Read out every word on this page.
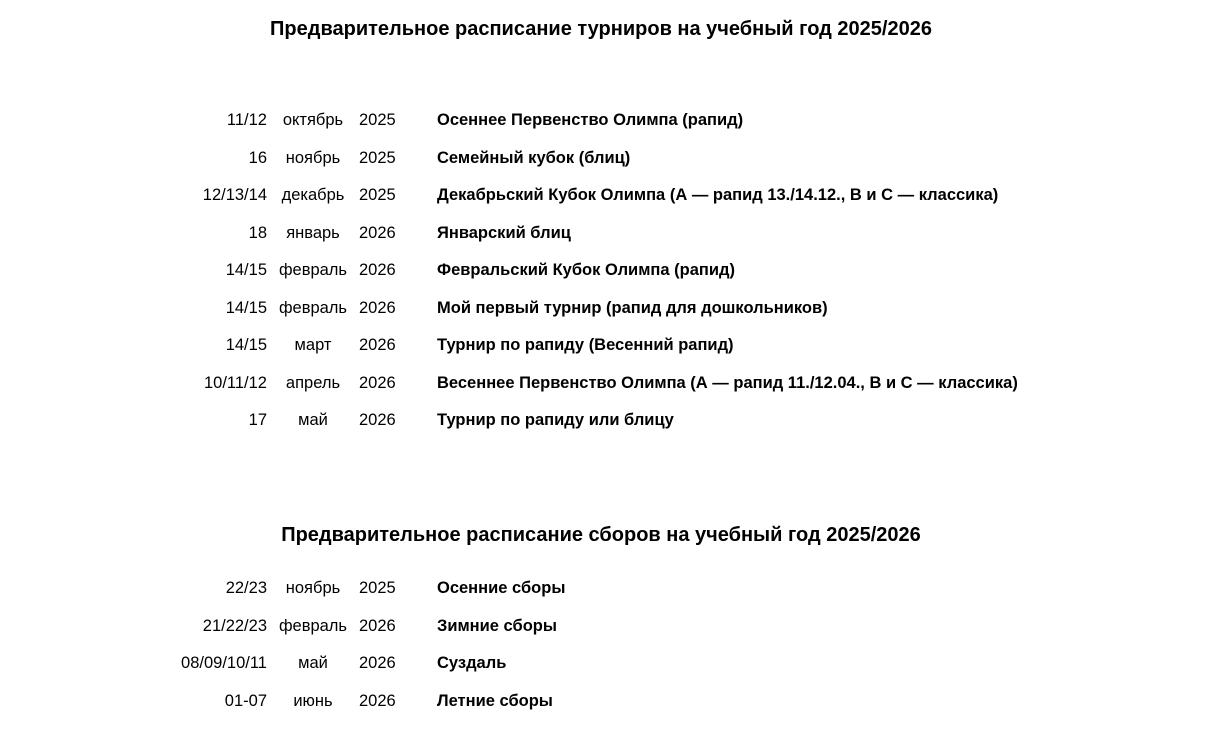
Предварительное расписание турниров на учебный год 2025/2026
11/12 октябрь 2025	Осеннее Первенство Олимпа (рапид)
16	ноябрь	2025	Семейный кубок (блиц)
12/13/14 декабрь 2025	Декабрьский Кубок Олимпа (А — рапид 13./14.12., В и С — классика)
18	январь	2026	Январский блиц
14/15 февраль 2026	Февральский Кубок Олимпа (рапид)
14/15 февраль 2026	Мой первый турнир (рапид для дошкольников)
14/15	март	2026	Турнир по рапиду (Весенний рапид)
10/11/12	апрель	2026	Весеннее Первенство Олимпа (А — рапид 11./12.04., В и С — классика)
17	май	2026	Турнир по рапиду или блицу
Предварительное расписание сборов на учебный год 2025/2026
22/23	ноябрь	2025	Осенние сборы
21/22/23 февраль 2026	Зимние сборы
08/09/10/11	май	2026	Суздаль
01-07	июнь	2026	Летние сборы
